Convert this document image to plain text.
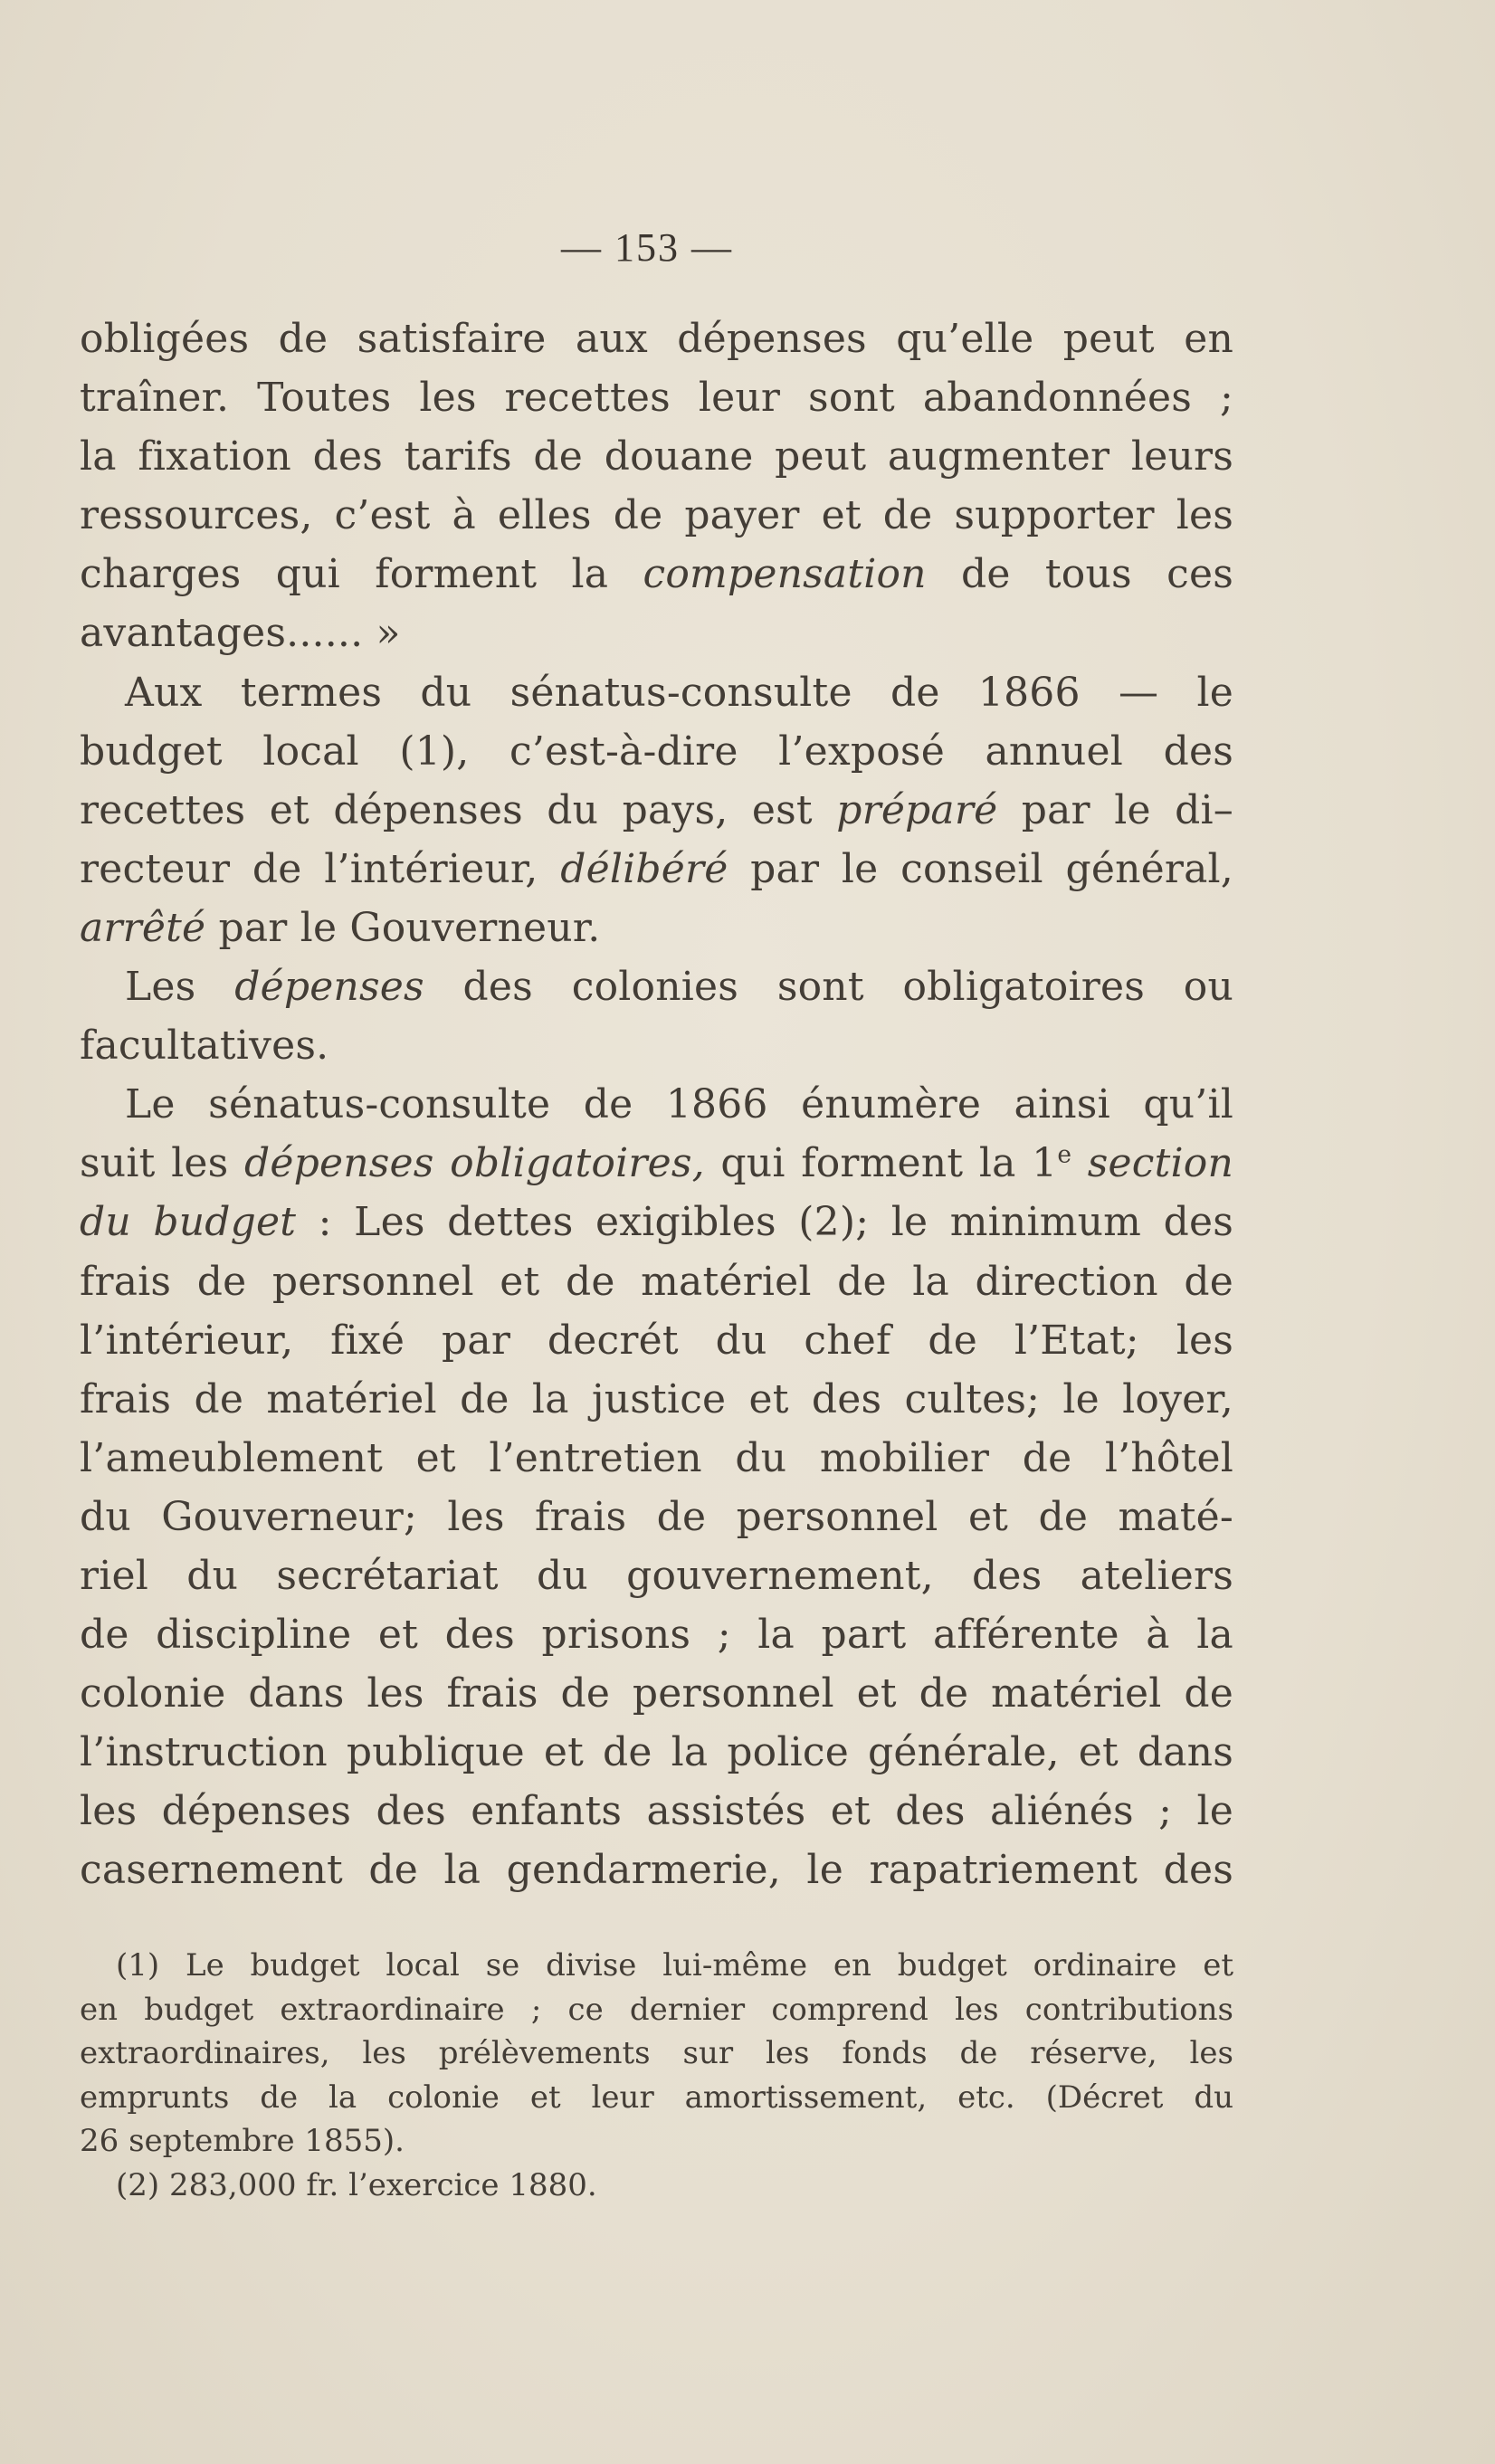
— 153 —
obligées de satisfaire aux dépenses qu’elle peut en
traîner. Toutes les recettes leur sont abandonnées ;
la fixation des tarifs de douane peut augmenter leurs
ressources, c’est à elles de payer et de supporter les
charges qui forment la compensation de tous ces
avantages...... »
Aux termes du sénatus-consulte de 1866 — le
budget local (1), c’est-à-dire l’exposé annuel des
recettes et dépenses du pays, est préparé par le di–
recteur de l’intérieur, délibéré par le conseil général,
arrêté par le Gouverneur.
Les dépenses des colonies sont obligatoires ou
facultatives.
Le sénatus-consulte de 1866 énumère ainsi qu’il
suit les dépenses obligatoires, qui forment la 1e section
du budget : Les dettes exigibles (2); le minimum des
frais de personnel et de matériel de la direction de
l’intérieur, fixé par decrét du chef de l’Etat; les
frais de matériel de la justice et des cultes; le loyer,
l’ameublement et l’entretien du mobilier de l’hôtel
du Gouverneur; les frais de personnel et de maté-
riel du secrétariat du gouvernement, des ateliers
de discipline et des prisons ; la part afférente à la
colonie dans les frais de personnel et de matériel de
l’instruction publique et de la police générale, et dans
les dépenses des enfants assistés et des aliénés ; le
casernement de la gendarmerie, le rapatriement des
(1) Le budget local se divise lui-même en budget ordinaire et
en budget extraordinaire ; ce dernier comprend les contributions
extraordinaires, les prélèvements sur les fonds de réserve, les
emprunts de la colonie et leur amortissement, etc. (Décret du
26 septembre 1855).
(2) 283,000 fr. l’exercice 1880.
